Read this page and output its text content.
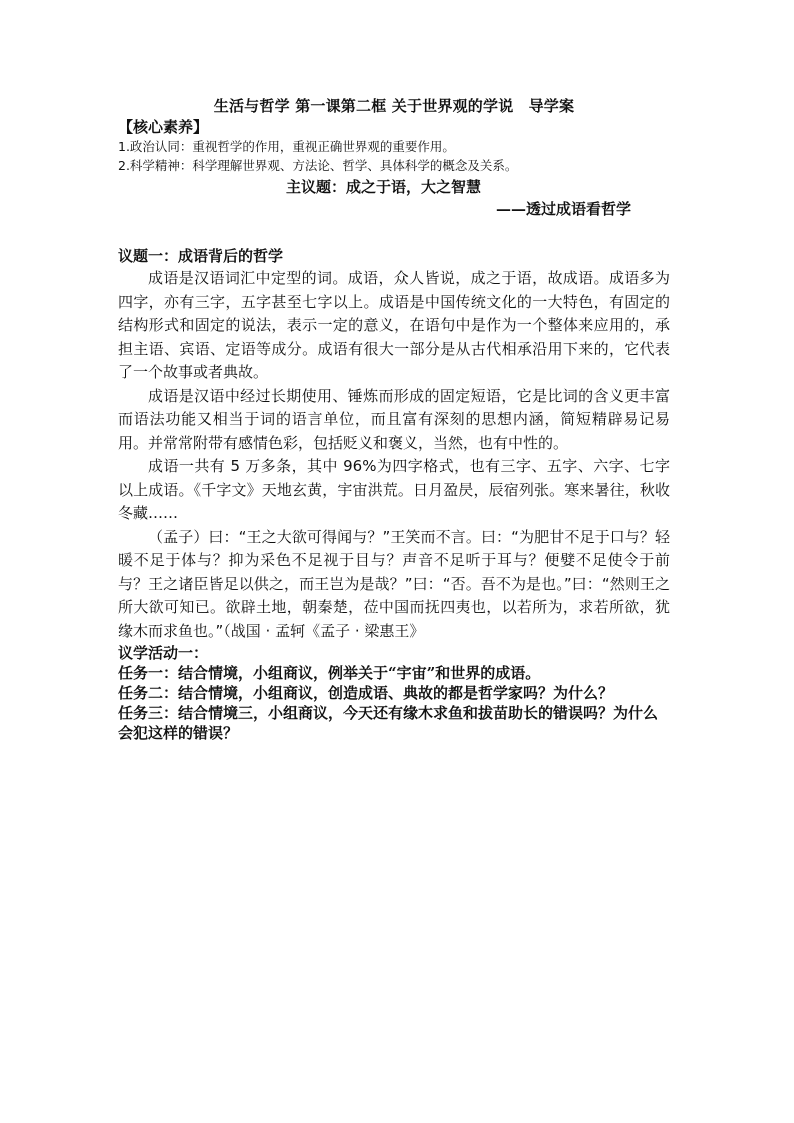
生活与哲学 第一课第二框 关于世界观的学说　导学案

【核心素养】

1.政治认同：重视哲学的作用，重视正确世界观的重要作用。

2.科学精神：科学理解世界观、方法论、哲学、具体科学的概念及关系。

主议题：成之于语，大之智慧

——透过成语看哲学

议题一：成语背后的哲学

成语是汉语词汇中定型的词。成语，众人皆说，成之于语，故成语。成语多为四字，亦有三字，五字甚至七字以上。成语是中国传统文化的一大特色，有固定的结构形式和固定的说法，表示一定的意义，在语句中是作为一个整体来应用的，承担主语、宾语、定语等成分。成语有很大一部分是从古代相承沿用下来的，它代表了一个故事或者典故。

成语是汉语中经过长期使用、锤炼而形成的固定短语，它是比词的含义更丰富而语法功能又相当于词的语言单位，而且富有深刻的思想内涵，简短精辟易记易用。并常常附带有感情色彩，包括贬义和褒义，当然，也有中性的。

成语一共有 5 万多条，其中 96%为四字格式，也有三字、五字、六字、七字以上成语。《千字文》天地玄黄，宇宙洪荒。日月盈昃，辰宿列张。寒来暑往，秋收冬藏……

（孟子）曰：“王之大欲可得闻与？”王笑而不言。曰：“为肥甘不足于口与？轻暖不足于体与？抑为采色不足视于目与？声音不足听于耳与？便嬖不足使令于前与？王之诸臣皆足以供之，而王岂为是哉？”曰：“否。吾不为是也。”曰：“然则王之所大欲可知已。欲辟土地，朝秦楚，莅中国而抚四夷也，以若所为，求若所欲，犹缘木而求鱼也。”（战国 · 孟轲《孟子 · 梁惠王》

议学活动一：

任务一：结合情境，小组商议，例举关于“宇宙”和世界的成语。

任务二：结合情境，小组商议，创造成语、典故的都是哲学家吗？为什么？

任务三：结合情境三，小组商议，今天还有缘木求鱼和拔苗助长的错误吗？为什么会犯这样的错误？
